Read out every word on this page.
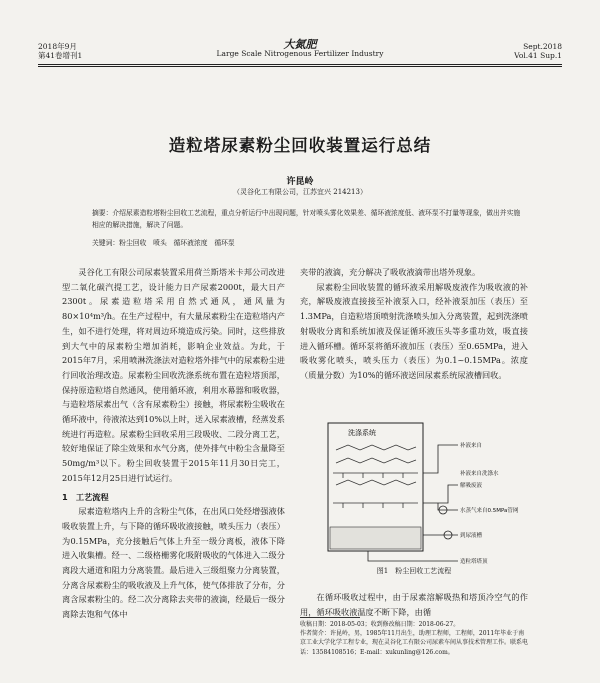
2018年9月
第41卷增刊1
大氮肥
Large Scale Nitrogenous Fertilizer Industry
Sept.2018
Vol.41 Sup.1
造粒塔尿素粉尘回收装置运行总结
许昆岭
（灵谷化工有限公司，江苏宜兴 214213）
摘要：介绍尿素造粒塔粉尘回收工艺流程，重点分析运行中出现问题，针对喷头雾化效果差、循环液浓度低、液环泵不打量等现象，做出并实施相应的解决措施，解决了问题。
关键词：粉尘回收　喷头　循环液浓度　循环泵

灵谷化工有限公司尿素装置采用荷兰斯塔米卡邦公司改进型二氧化碳汽提工艺，设计能力日产尿素2000t，最大日产2300t。尿素造粒塔采用自然式通风，通风量为80×10⁴m³/h。在生产过程中，有大量尿素粉尘在造粒塔内产生，如不进行处理，将对周边环境造成污染。同时，这些排放到大气中的尿素粉尘增加消耗，影响企业效益。为此，于2015年7月，采用喷淋洗涤法对造粒塔外排气中的尿素粉尘进行回收治理改造。尿素粉尘回收洗涤系统布置在造粒塔顶部，保持原造粒塔自然通风，使用循环液，利用水幕器和吸收器，与造粒塔尿素出气（含有尿素粉尘）接触，将尿素粉尘吸收在循环液中，待液浓达到10%以上时，送入尿素液槽，经蒸发系统进行再造粒。尿素粉尘回收采用三段吸收、二段分离工艺，较好地保证了除尘效果和水气分离，使外排气中粉尘含量降至50mg/m³以下。粉尘回收装置于2015年11月30日完工，2015年12月25日进行试运行。

1　工艺流程

尿素造粒塔内上升的含粉尘气体，在出风口处经增强液体吸收装置上升，与下降的循环吸收液接触，喷头压力（表压）为0.15MPa，充分接触后气体上升至一级分离板，液体下降进入收集槽。经一、二级格栅雾化吸附吸收的气体进入二级分离段大通道和阻力分离装置。最后进入三级组聚力分离装置，分离含尿素粉尘的吸收液及上升气体，使气体排放了分布，分离含尿素粉尘的。经二次分离除去夹带的液滴，经最后一级分离除去饱和气体中

夹带的液滴，充分解决了吸收液滴带出塔外现象。

尿素粉尘回收装置的循环液采用解吸废液作为吸收液的补充，解吸废液直接接至补液泵入口，经补液泵加压（表压）至1.3MPa，自造粒塔顶喷射洗涤喷头加入分离装置，起到洗涤喷射吸收分离和系统加液及保证循环液压头等多重功效，吸直接进入循环槽。循环泵将循环液加压（表压）至0.65MPa，进入吸收雾化喷头，喷头压力（表压）为0.1~0.15MPa。浓度（质量分数）为10%的循环液送回尿素系统尿液槽回收。

洗涤系统
补液来自
补液来自洗涤水
解吸废液
水蒸气来自0.5MPa管网
到尿液槽
造粒塔塔顶
图1　粉尘回收工艺流程

在循环吸收过程中，由于尿素溶解吸热和塔顶冷空气的作用，循环吸收液温度不断下降，由循

收稿日期：2018-05-03；收到修改稿日期：2018-06-27。

作者简介：许昆岭，男，1985年11月出生，助理工程师，工程师，2011年毕业于南京工业大学化学工程专业，现在灵谷化工有限公司尿素车间从事技术管理工作。联系电话：13584108516；E-mail：xukunling@126.com。
